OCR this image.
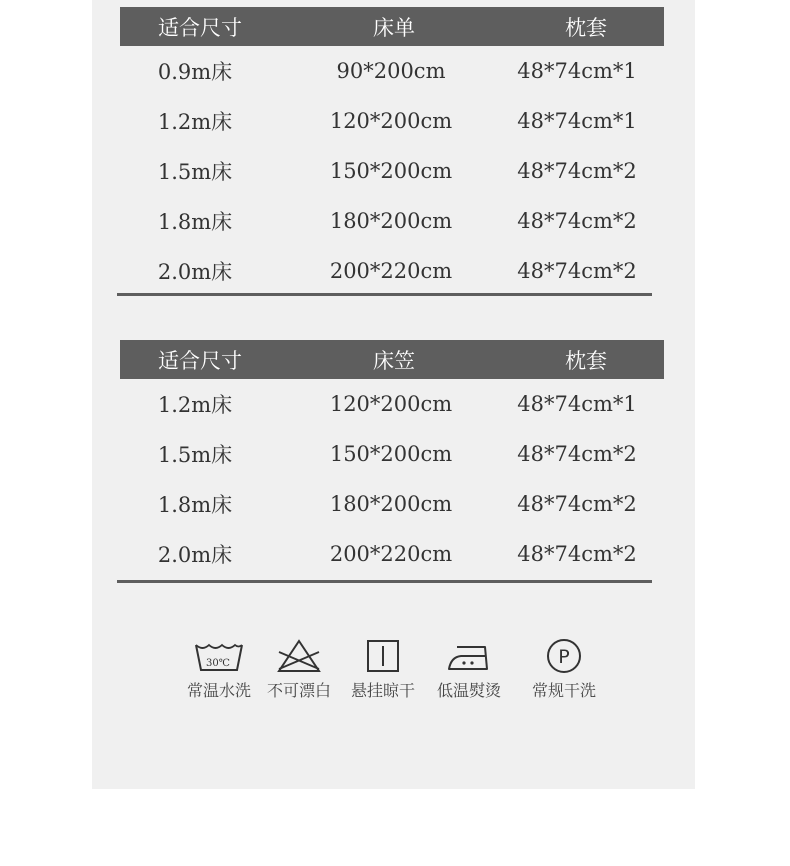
适合尺寸	床单	枕套
0.9m床	90*200cm	48*74cm*1
1.2m床	120*200cm	48*74cm*1
1.5m床	150*200cm	48*74cm*2
1.8m床	180*200cm	48*74cm*2
2.0m床	200*220cm	48*74cm*2
适合尺寸	床笠	枕套
1.2m床	120*200cm	48*74cm*1
1.5m床	150*200cm	48*74cm*2
1.8m床	180*200cm	48*74cm*2
2.0m床	200*220cm	48*74cm*2
30℃
常温水洗 不可漂白	悬挂晾干	低温熨烫
P
常规干洗
